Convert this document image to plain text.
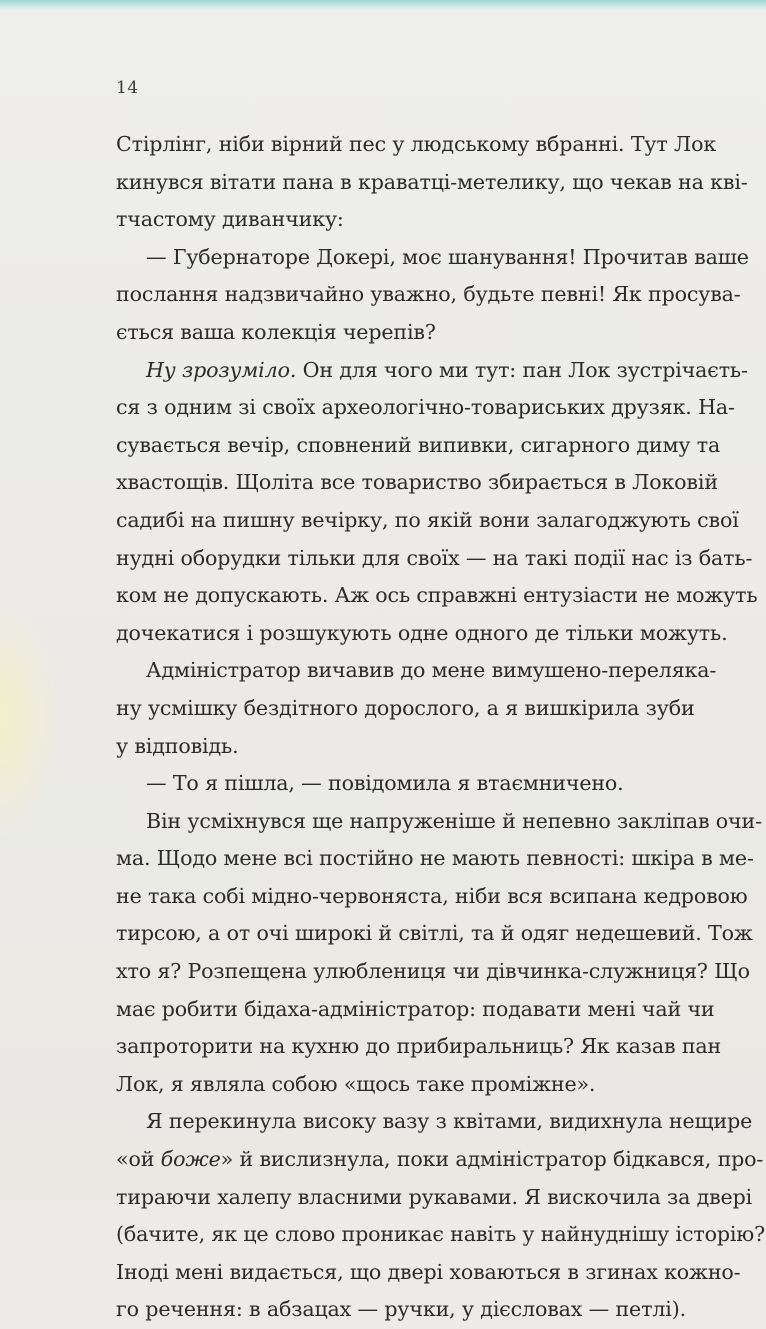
14
Стірлінг, ніби вірний пес у людському вбранні. Тут Лок
кинувся вітати пана в краватці-метелику, що чекав на кві-
тчастому диванчику:
— Губернаторе Докері, моє шанування! Прочитав ваше
послання надзвичайно уважно, будьте певні! Як просува-
ється ваша колекція черепів?
Ну зрозуміло. Он для чого ми тут: пан Лок зустрічаєть-
ся з одним зі своїх археологічно-товариських друзяк. На-
сувається вечір, сповнений випивки, сигарного диму та
хвастощів. Щоліта все товариство збирається в Локовій
садибі на пишну вечірку, по якій вони залагоджують свої
нудні оборудки тільки для своїх — на такі події нас із бать-
ком не допускають. Аж ось справжні ентузіасти не можуть
дочекатися і розшукують одне одного де тільки можуть.
Адміністратор вичавив до мене вимушено-переляка-
ну усмішку бездітного дорослого, а я вишкірила зуби
у відповідь.
— То я пішла, — повідомила я втаємничено.
Він усміхнувся ще напруженіше й непевно закліпав очи-
ма. Щодо мене всі постійно не мають певності: шкіра в ме-
не така собі мідно-червоняста, ніби вся всипана кедровою
тирсою, а от очі широкі й світлі, та й одяг недешевий. Тож
хто я? Розпещена улюблениця чи дівчинка-служниця? Що
має робити бідаха-адміністратор: подавати мені чай чи
запроторити на кухню до прибиральниць? Як казав пан
Лок, я являла собою «щось таке проміжне».
Я перекинула високу вазу з квітами, видихнула нещире
«ой боже» й вислизнула, поки адміністратор бідкався, про-
тираючи халепу власними рукавами. Я вискочила за двері
(бачите, як це слово проникає навіть у найнуднішу історію?
Іноді мені видається, що двері ховаються в згинах кожно-
го речення: в абзацах — ручки, у дієсловах — петлі).
